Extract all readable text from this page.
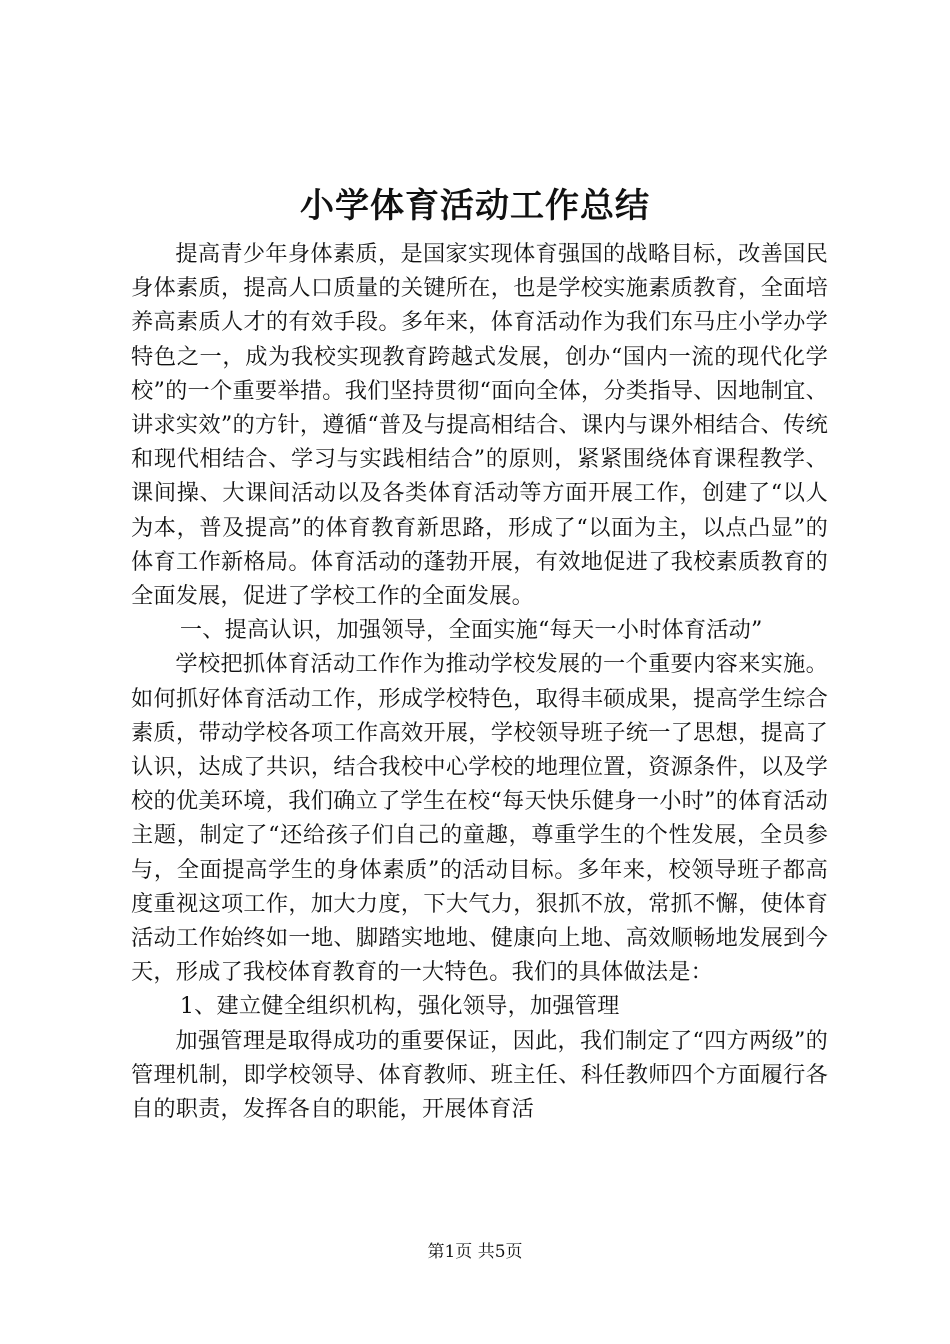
小学体育活动工作总结

提高青少年身体素质，是国家实现体育强国的战略目标，改善国民身体素质，提高人口质量的关键所在，也是学校实施素质教育，全面培养高素质人才的有效手段。多年来，体育活动作为我们东马庄小学办学特色之一，成为我校实现教育跨越式发展，创办“国内一流的现代化学校”的一个重要举措。我们坚持贯彻“面向全体，分类指导、因地制宜、讲求实效”的方针，遵循“普及与提高相结合、课内与课外相结合、传统和现代相结合、学习与实践相结合”的原则，紧紧围绕体育课程教学、课间操、大课间活动以及各类体育活动等方面开展工作，创建了“以人为本，普及提高”的体育教育新思路，形成了“以面为主，以点凸显”的体育工作新格局。体育活动的蓬勃开展，有效地促进了我校素质教育的全面发展，促进了学校工作的全面发展。

一、提高认识，加强领导，全面实施“每天一小时体育活动”

学校把抓体育活动工作作为推动学校发展的一个重要内容来实施。如何抓好体育活动工作，形成学校特色，取得丰硕成果，提高学生综合素质，带动学校各项工作高效开展，学校领导班子统一了思想，提高了认识，达成了共识，结合我校中心学校的地理位置，资源条件，以及学校的优美环境，我们确立了学生在校“每天快乐健身一小时”的体育活动主题，制定了“还给孩子们自己的童趣，尊重学生的个性发展，全员参与，全面提高学生的身体素质”的活动目标。多年来，校领导班子都高度重视这项工作，加大力度，下大气力，狠抓不放，常抓不懈，使体育活动工作始终如一地、脚踏实地地、健康向上地、高效顺畅地发展到今天，形成了我校体育教育的一大特色。我们的具体做法是：

1、建立健全组织机构，强化领导，加强管理

加强管理是取得成功的重要保证，因此，我们制定了“四方两级”的管理机制，即学校领导、体育教师、班主任、科任教师四个方面履行各自的职责，发挥各自的职能，开展体育活

第1页 共5页
